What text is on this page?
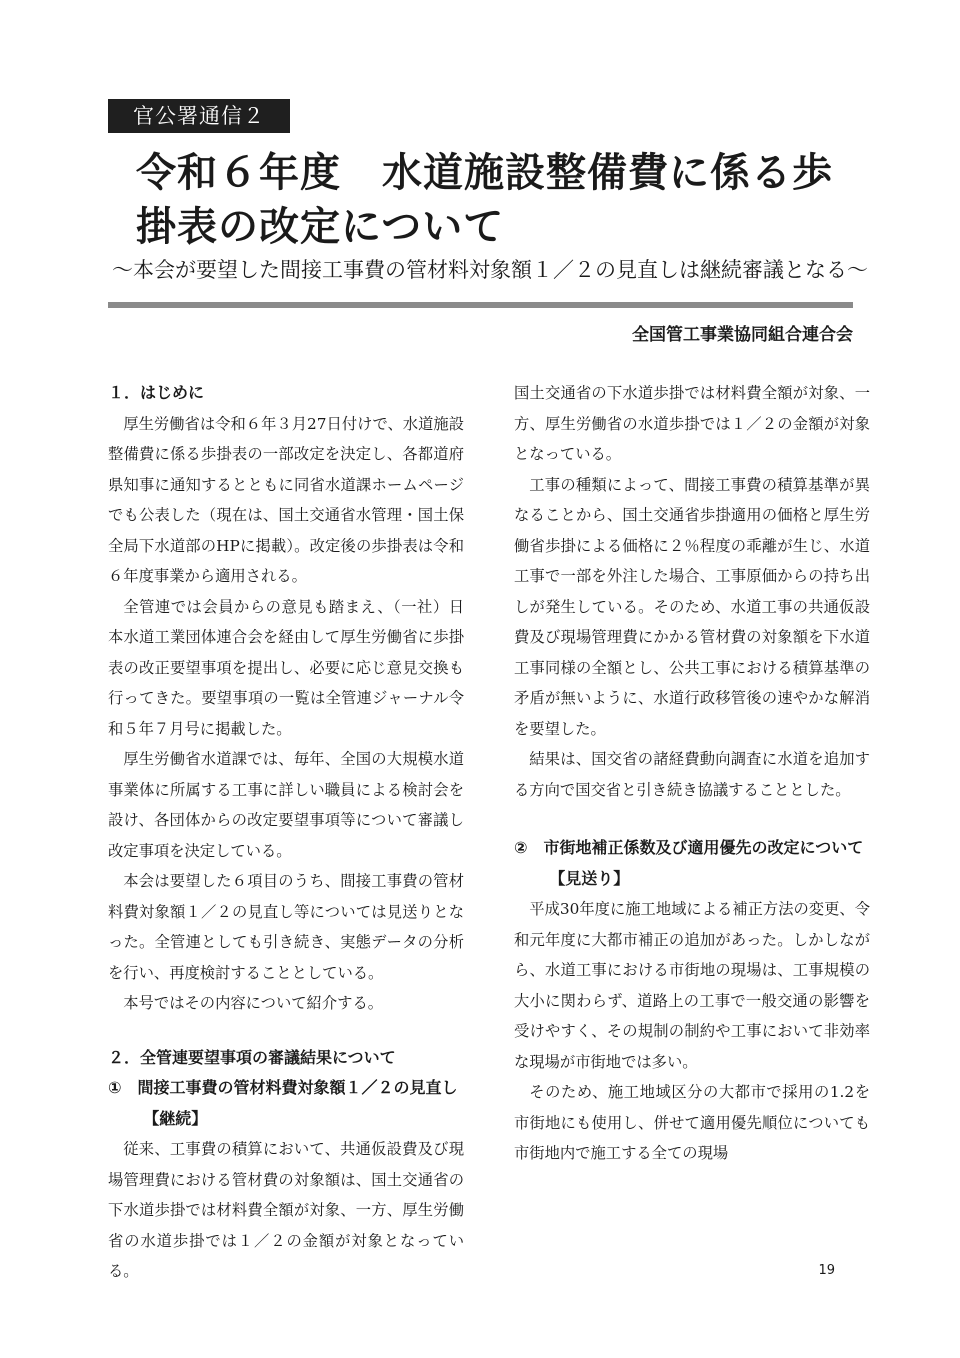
官公署通信２
令和６年度　水道施設整備費に係る歩掛表の改定について
〜本会が要望した間接工事費の管材料対象額１／２の見直しは継続審議となる〜
全国管工事業協同組合連合会

１．はじめに

厚生労働省は令和６年３月27日付けで、水道施設整備費に係る歩掛表の一部改定を決定し、各都道府県知事に通知するとともに同省水道課ホームページでも公表した（現在は、国土交通省水管理・国土保全局下水道部のHPに掲載）。改定後の歩掛表は令和６年度事業から適用される。

全管連では会員からの意見も踏まえ、（一社）日本水道工業団体連合会を経由して厚生労働省に歩掛表の改正要望事項を提出し、必要に応じ意見交換も行ってきた。要望事項の一覧は全管連ジャーナル令和５年７月号に掲載した。

厚生労働省水道課では、毎年、全国の大規模水道事業体に所属する工事に詳しい職員による検討会を設け、各団体からの改定要望事項等について審議し改定事項を決定している。

本会は要望した６項目のうち、間接工事費の管材料費対象額１／２の見直し等については見送りとなった。全管連としても引き続き、実態データの分析を行い、再度検討することとしている。

本号ではその内容について紹介する。

２．全管連要望事項の審議結果について

①　間接工事費の管材料費対象額１／２の見直し【継続】

従来、工事費の積算において、共通仮設費及び現場管理費における管材費の対象額は、国土交通省の下水道歩掛では材料費全額が対象、一方、厚生労働省の水道歩掛では１／２の金額が対象となっている。

国土交通省の下水道歩掛では材料費全額が対象、一方、厚生労働省の水道歩掛では１／２の金額が対象となっている。

工事の種類によって、間接工事費の積算基準が異なることから、国土交通省歩掛適用の価格と厚生労働省歩掛による価格に２％程度の乖離が生じ、水道工事で一部を外注した場合、工事原価からの持ち出しが発生している。そのため、水道工事の共通仮設費及び現場管理費にかかる管材費の対象額を下水道工事同様の全額とし、公共工事における積算基準の矛盾が無いように、水道行政移管後の速やかな解消を要望した。

結果は、国交省の諸経費動向調査に水道を追加する方向で国交省と引き続き協議することとした。

②　市街地補正係数及び適用優先の改定について【見送り】

平成30年度に施工地域による補正方法の変更、令和元年度に大都市補正の追加があった。しかしながら、水道工事における市街地の現場は、工事規模の大小に関わらず、道路上の工事で一般交通の影響を受けやすく、その規制の制約や工事において非効率な現場が市街地では多い。

そのため、施工地域区分の大都市で採用の1.2を市街地にも使用し、併せて適用優先順位についても市街地内で施工する全ての現場

19
